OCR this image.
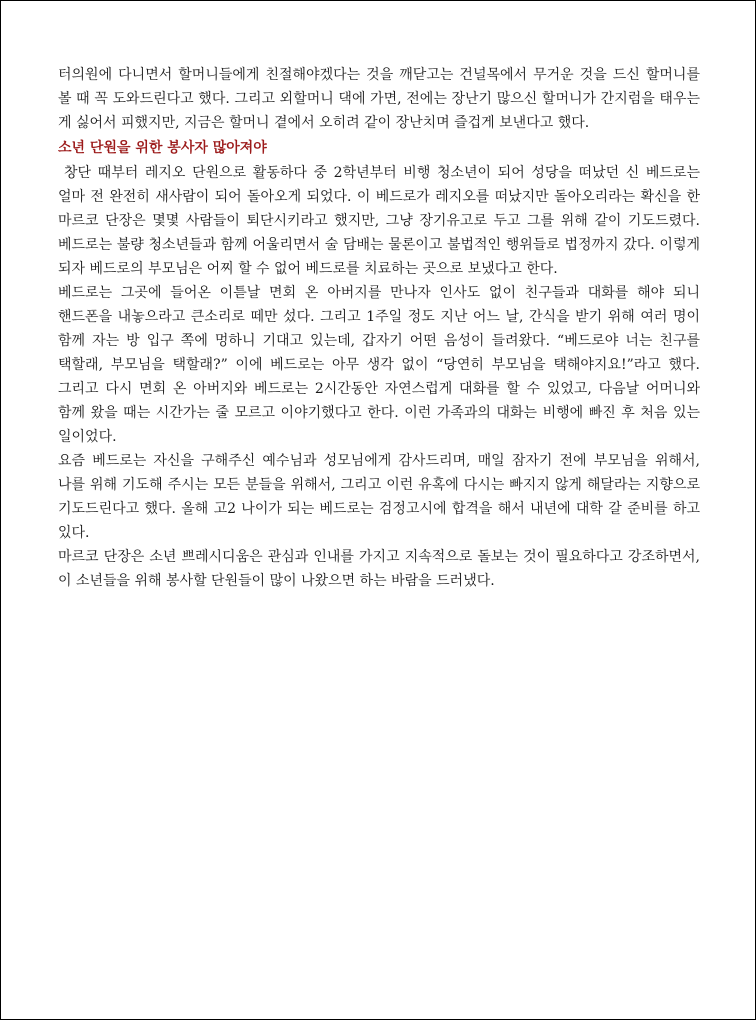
터의원에 다니면서 할머니들에게 친절해야겠다는 것을 깨닫고는 건널목에서 무거운 것을 드신 할머니를 볼 때 꼭 도와드린다고 했다. 그리고 외할머니 댁에 가면, 전에는 장난기 많으신 할머니가 간지럼을 태우는 게 싫어서 피했지만, 지금은 할머니 곁에서 오히려 같이 장난치며 즐겁게 보낸다고 했다.

소년 단원을 위한 봉사자 많아져야

창단 때부터 레지오 단원으로 활동하다 중 2학년부터 비행 청소년이 되어 성당을 떠났던 신 베드로는 얼마 전 완전히 새사람이 되어 돌아오게 되었다. 이 베드로가 레지오를 떠났지만 돌아오리라는 확신을 한 마르코 단장은 몇몇 사람들이 퇴단시키라고 했지만, 그냥 장기유고로 두고 그를 위해 같이 기도드렸다. 베드로는 불량 청소년들과 함께 어울리면서 술 담배는 물론이고 불법적인 행위들로 법정까지 갔다. 이렇게 되자 베드로의 부모님은 어찌 할 수 없어 베드로를 치료하는 곳으로 보냈다고 한다.

베드로는 그곳에 들어온 이튿날 면회 온 아버지를 만나자 인사도 없이 친구들과 대화를 해야 되니 핸드폰을 내놓으라고 큰소리로 떼만 섰다. 그리고 1주일 정도 지난 어느 날, 간식을 받기 위해 여러 명이 함께 자는 방 입구 쪽에 멍하니 기대고 있는데, 갑자기 어떤 음성이 들려왔다. “베드로야 너는 친구를 택할래, 부모님을 택할래?” 이에 베드로는 아무 생각 없이 “당연히 부모님을 택해야지요!”라고 했다. 그리고 다시 면회 온 아버지와 베드로는 2시간동안 자연스럽게 대화를 할 수 있었고, 다음날 어머니와 함께 왔을 때는 시간가는 줄 모르고 이야기했다고 한다. 이런 가족과의 대화는 비행에 빠진 후 처음 있는 일이었다.

요즘 베드로는 자신을 구해주신 예수님과 성모님에게 감사드리며, 매일 잠자기 전에 부모님을 위해서, 나를 위해 기도해 주시는 모든 분들을 위해서, 그리고 이런 유혹에 다시는 빠지지 않게 해달라는 지향으로 기도드린다고 했다. 올해 고2 나이가 되는 베드로는 검정고시에 합격을 해서 내년에 대학 갈 준비를 하고 있다.

마르코 단장은 소년 쁘레시디움은 관심과 인내를 가지고 지속적으로 돌보는 것이 필요하다고 강조하면서, 이 소년들을 위해 봉사할 단원들이 많이 나왔으면 하는 바람을 드러냈다.
